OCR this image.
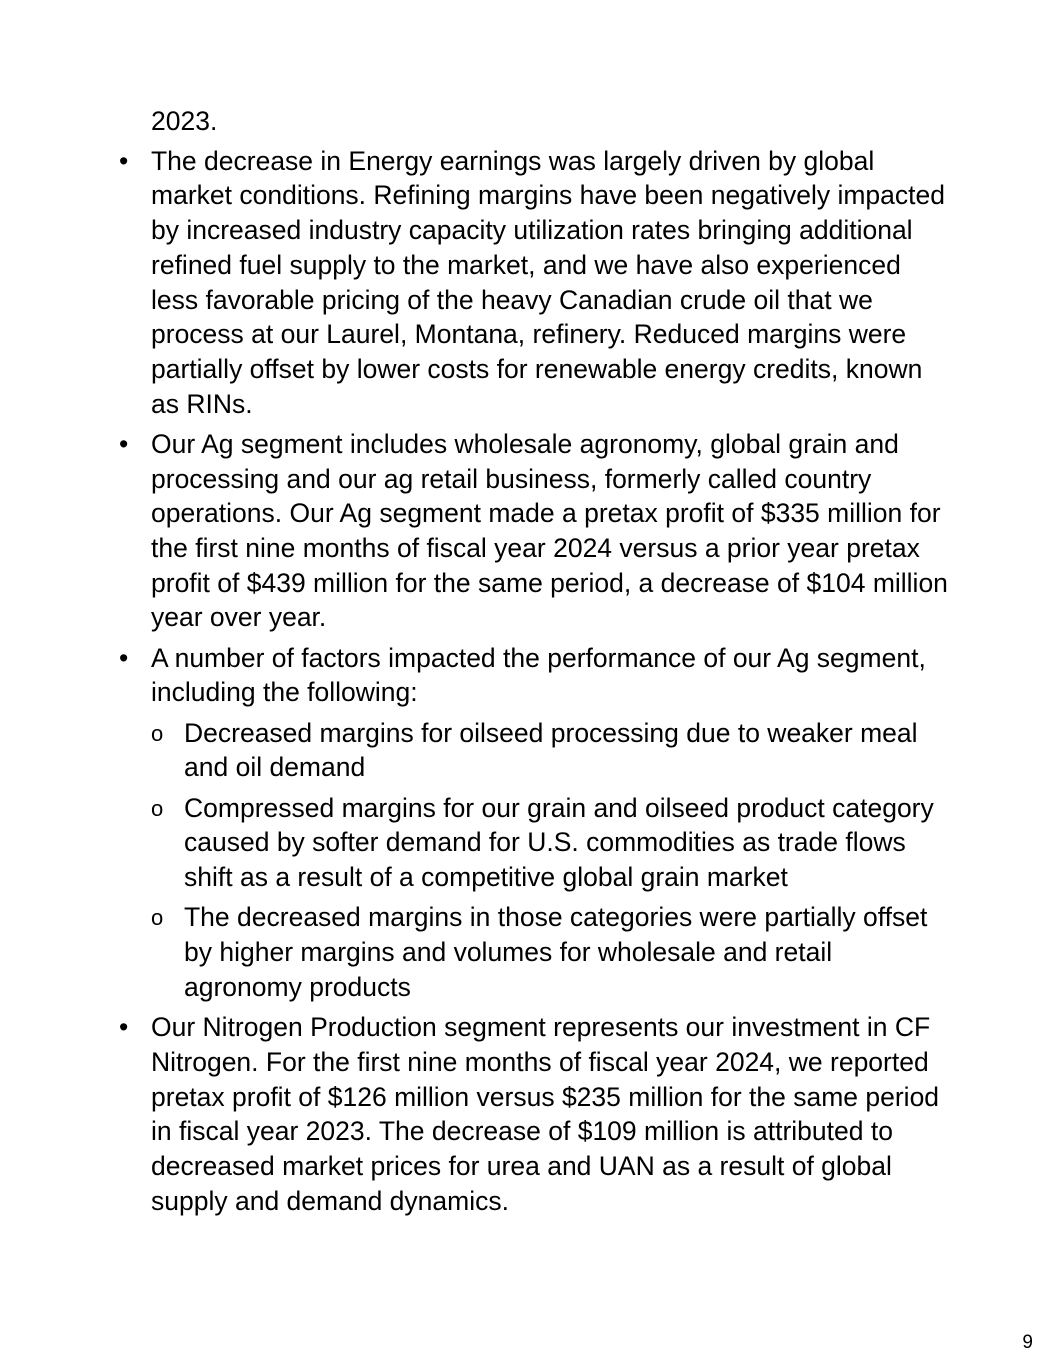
2023.
• The decrease in Energy earnings was largely driven by global market conditions. Refining margins have been negatively impacted by increased industry capacity utilization rates bringing additional refined fuel supply to the market, and we have also experienced less favorable pricing of the heavy Canadian crude oil that we process at our Laurel, Montana, refinery. Reduced margins were partially offset by lower costs for renewable energy credits, known as RINs.
• Our Ag segment includes wholesale agronomy, global grain and processing and our ag retail business, formerly called country operations. Our Ag segment made a pretax profit of $335 million for the first nine months of fiscal year 2024 versus a prior year pretax profit of $439 million for the same period, a decrease of $104 million year over year.
• A number of factors impacted the performance of our Ag segment, including the following:
o Decreased margins for oilseed processing due to weaker meal and oil demand
o Compressed margins for our grain and oilseed product category caused by softer demand for U.S. commodities as trade flows shift as a result of a competitive global grain market
o The decreased margins in those categories were partially offset by higher margins and volumes for wholesale and retail agronomy products
• Our Nitrogen Production segment represents our investment in CF Nitrogen. For the first nine months of fiscal year 2024, we reported pretax profit of $126 million versus $235 million for the same period in fiscal year 2023. The decrease of $109 million is attributed to decreased market prices for urea and UAN as a result of global supply and demand dynamics.
9
